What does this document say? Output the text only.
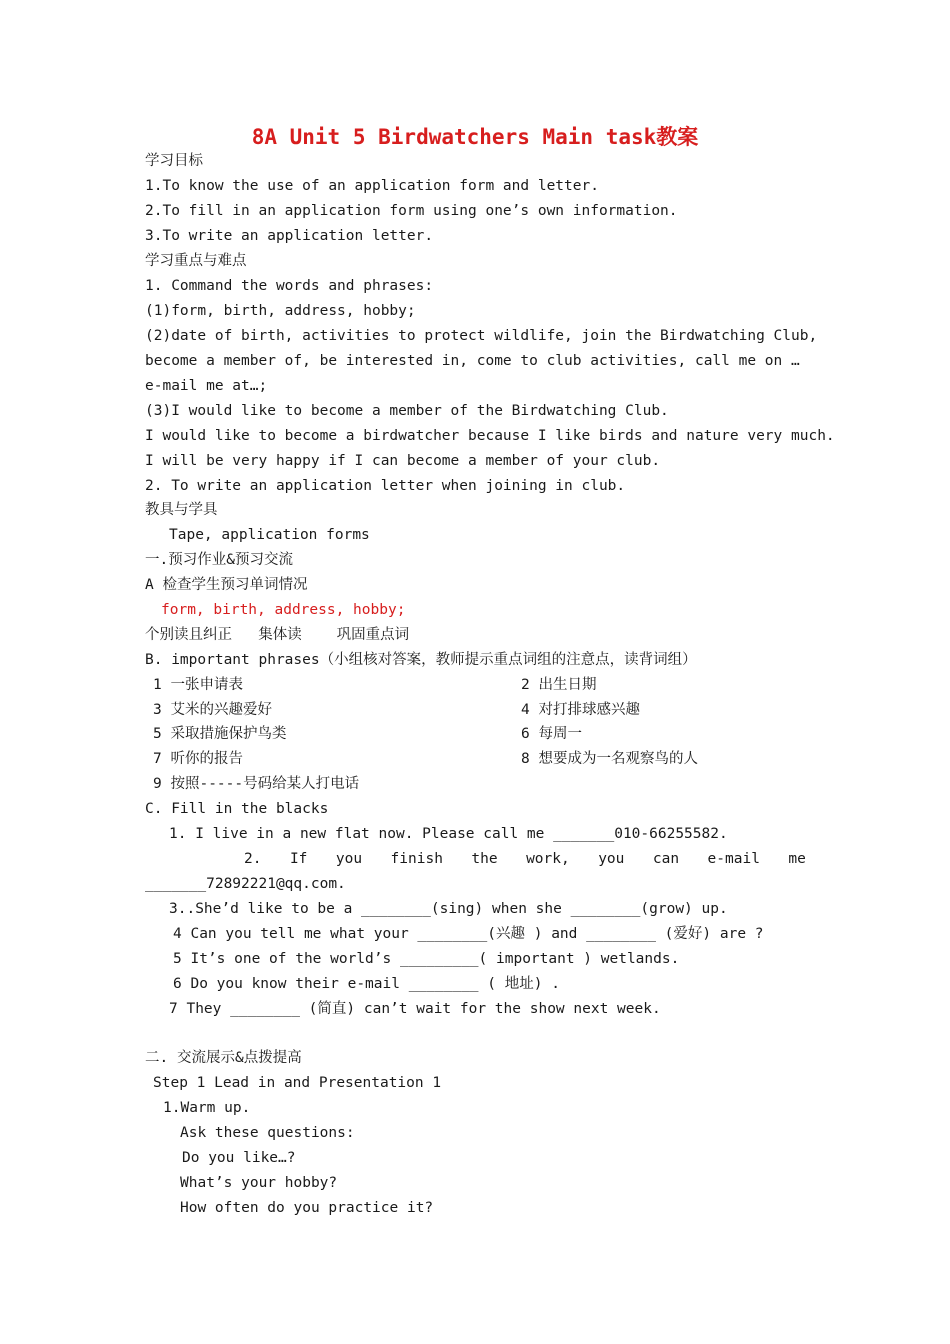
8A Unit 5 Birdwatchers Main task教案
学习目标
1.To know the use of an application form and letter.
2.To fill in an application form using one’s own information.
3.To write an application letter.
学习重点与难点
1. Command the words and phrases:
(1)form, birth, address, hobby;
(2)date of birth, activities to protect wildlife, join the Birdwatching Club,
become a member of, be interested in, come to club activities, call me on …
e-mail me at…;
(3)I would like to become a member of the Birdwatching Club.
I would like to become a birdwatcher because I like birds and nature very much.
I will be very happy if I can become a member of your club.
2. To write an application letter when joining in club.
教具与学具
Tape, application forms
一.预习作业&预习交流
A 检查学生预习单词情况
form, birth, address, hobby;
个别读且纠正   集体读    巩固重点词
B. important phrases（小组核对答案，教师提示重点词组的注意点，读背词组）
1 一张申请表	2 出生日期
3 艾米的兴趣爱好	4 对打排球感兴趣
5 采取措施保护鸟类	6 每周一
7 听你的报告	8 想要成为一名观察鸟的人
9 按照-----号码给某人打电话
C. Fill in the blacks
1. I live in a new flat now. Please call me _______010-66255582.
2. If you finish the work, you can e-mail me
_______72892221@qq.com.
3..She’d like to be a ________(sing) when she ________(grow) up.
4 Can you tell me what your ________(兴趣 ) and ________ (爱好) are ?
5 It’s one of the world’s _________( important ) wetlands.
6 Do you know their e-mail ________ ( 地址) .
7 They ________ (简直) can’t wait for the show next week.
二. 交流展示&点拨提高
Step 1 Lead in and Presentation 1
1.Warm up.
Ask these questions:
Do you like…?
What’s your hobby?
How often do you practice it?
